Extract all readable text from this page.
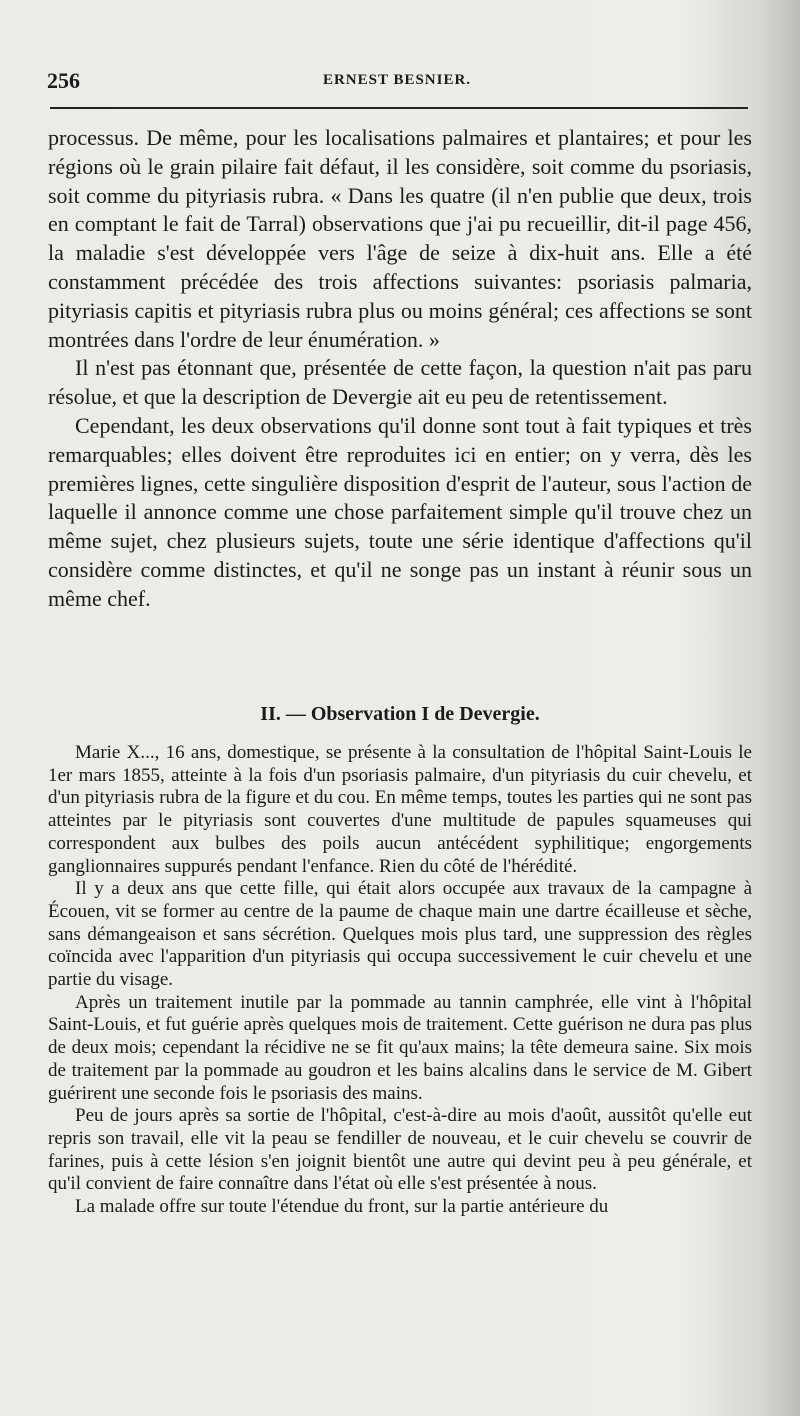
256	ERNEST BESNIER.

processus. De même, pour les localisations palmaires et plantaires; et pour les régions où le grain pilaire fait défaut, il les considère, soit comme du psoriasis, soit comme du pityriasis rubra. « Dans les quatre (il n'en publie que deux, trois en comptant le fait de Tarral) observations que j'ai pu recueillir, dit-il page 456, la maladie s'est développée vers l'âge de seize à dix-huit ans. Elle a été constamment précédée des trois affections suivantes: psoriasis palmaria, pityriasis capitis et pityriasis rubra plus ou moins général; ces affections se sont montrées dans l'ordre de leur énumération. »

Il n'est pas étonnant que, présentée de cette façon, la question n'ait pas paru résolue, et que la description de Devergie ait eu peu de retentissement.

Cependant, les deux observations qu'il donne sont tout à fait typiques et très remarquables; elles doivent être reproduites ici en entier; on y verra, dès les premières lignes, cette singulière disposition d'esprit de l'auteur, sous l'action de laquelle il annonce comme une chose parfaitement simple qu'il trouve chez un même sujet, chez plusieurs sujets, toute une série identique d'affections qu'il considère comme distinctes, et qu'il ne songe pas un instant à réunir sous un même chef.

II. — Observation I de Devergie.

Marie X..., 16 ans, domestique, se présente à la consultation de l'hôpital Saint-Louis le 1er mars 1855, atteinte à la fois d'un psoriasis palmaire, d'un pityriasis du cuir chevelu, et d'un pityriasis rubra de la figure et du cou. En même temps, toutes les parties qui ne sont pas atteintes par le pityriasis sont couvertes d'une multitude de papules squameuses qui correspondent aux bulbes des poils aucun antécédent syphilitique; engorgements ganglionnaires suppurés pendant l'enfance. Rien du côté de l'hérédité.

Il y a deux ans que cette fille, qui était alors occupée aux travaux de la campagne à Écouen, vit se former au centre de la paume de chaque main une dartre écailleuse et sèche, sans démangeaison et sans sécrétion. Quelques mois plus tard, une suppression des règles coïncida avec l'apparition d'un pityriasis qui occupa successivement le cuir chevelu et une partie du visage.

Après un traitement inutile par la pommade au tannin camphrée, elle vint à l'hôpital Saint-Louis, et fut guérie après quelques mois de traitement. Cette guérison ne dura pas plus de deux mois; cependant la récidive ne se fit qu'aux mains; la tête demeura saine. Six mois de traitement par la pommade au goudron et les bains alcalins dans le service de M. Gibert guérirent une seconde fois le psoriasis des mains.

Peu de jours après sa sortie de l'hôpital, c'est-à-dire au mois d'août, aussitôt qu'elle eut repris son travail, elle vit la peau se fendiller de nouveau, et le cuir chevelu se couvrir de farines, puis à cette lésion s'en joignit bientôt une autre qui devint peu à peu générale, et qu'il convient de faire connaître dans l'état où elle s'est présentée à nous.

La malade offre sur toute l'étendue du front, sur la partie antérieure du
